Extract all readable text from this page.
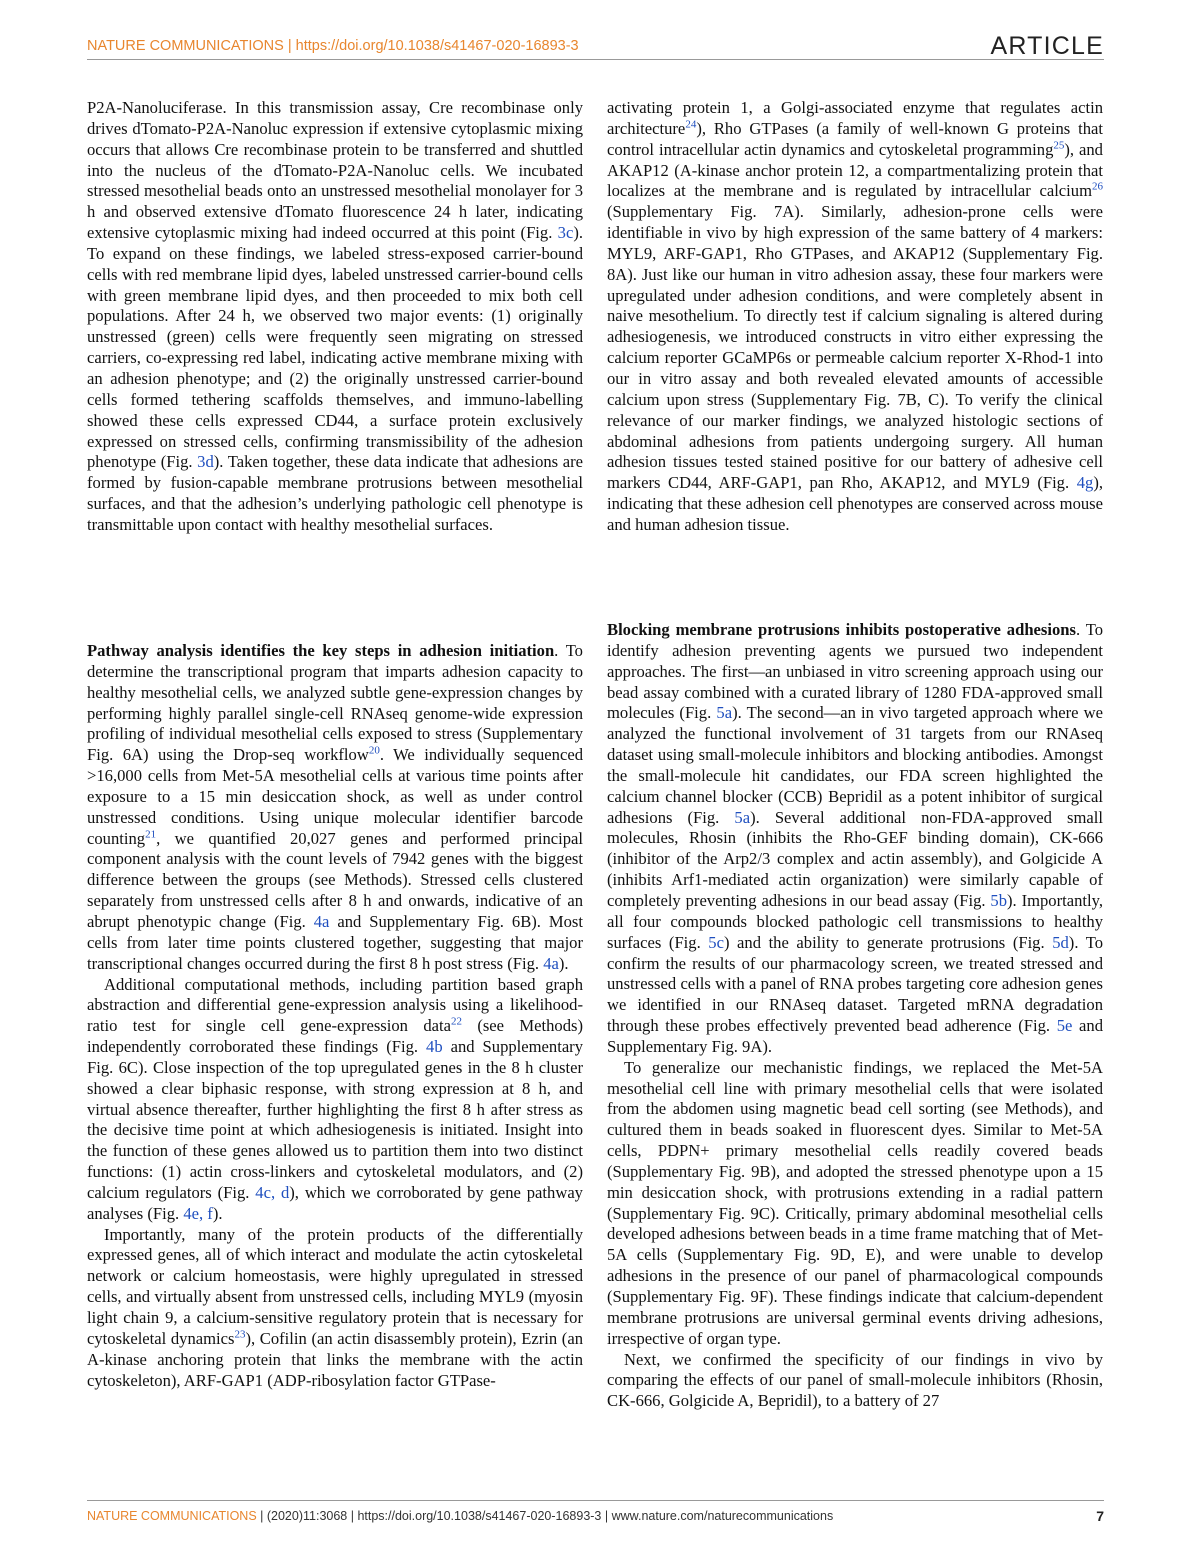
NATURE COMMUNICATIONS | https://doi.org/10.1038/s41467-020-16893-3	ARTICLE

P2A-Nanoluciferase. In this transmission assay, Cre recombinase only drives dTomato-P2A-Nanoluc expression if extensive cytoplasmic mixing occurs that allows Cre recombinase protein to be transferred and shuttled into the nucleus of the dTomato-P2A-Nanoluc cells. We incubated stressed mesothelial beads onto an unstressed mesothelial monolayer for 3 h and observed extensive dTomato fluorescence 24 h later, indicating extensive cytoplasmic mixing had indeed occurred at this point (Fig. 3c). To expand on these findings, we labeled stress-exposed carrier-bound cells with red membrane lipid dyes, labeled unstressed carrier-bound cells with green membrane lipid dyes, and then proceeded to mix both cell populations. After 24 h, we observed two major events: (1) originally unstressed (green) cells were frequently seen migrating on stressed carriers, co-expressing red label, indicating active membrane mixing with an adhesion phenotype; and (2) the originally unstressed carrier-bound cells formed tethering scaffolds themselves, and immuno-labelling showed these cells expressed CD44, a surface protein exclusively expressed on stressed cells, confirming transmissibility of the adhesion phenotype (Fig. 3d). Taken together, these data indicate that adhesions are formed by fusion-capable membrane protrusions between mesothelial surfaces, and that the adhesion’s underlying pathologic cell phenotype is transmittable upon contact with healthy mesothelial surfaces.

Pathway analysis identifies the key steps in adhesion initiation. To determine the transcriptional program that imparts adhesion capacity to healthy mesothelial cells, we analyzed subtle gene-expression changes by performing highly parallel single-cell RNAseq genome-wide expression profiling of individual mesothelial cells exposed to stress (Supplementary Fig. 6A) using the Drop-seq workflow$^{20}$. We individually sequenced >16,000 cells from Met-5A mesothelial cells at various time points after exposure to a 15 min desiccation shock, as well as under control unstressed conditions. Using unique molecular identifier barcode counting$^{21}$, we quantified 20,027 genes and performed principal component analysis with the count levels of 7942 genes with the biggest difference between the groups (see Methods). Stressed cells clustered separately from unstressed cells after 8 h and onwards, indicative of an abrupt phenotypic change (Fig. 4a and Supplementary Fig. 6B). Most cells from later time points clustered together, suggesting that major transcriptional changes occurred during the first 8 h post stress (Fig. 4a).

Additional computational methods, including partition based graph abstraction and differential gene-expression analysis using a likelihood-ratio test for single cell gene-expression data$^{22}$ (see Methods) independently corroborated these findings (Fig. 4b and Supplementary Fig. 6C). Close inspection of the top upregulated genes in the 8 h cluster showed a clear biphasic response, with strong expression at 8 h, and virtual absence thereafter, further highlighting the first 8 h after stress as the decisive time point at which adhesiogenesis is initiated. Insight into the function of these genes allowed us to partition them into two distinct functions: (1) actin cross-linkers and cytoskeletal modulators, and (2) calcium regulators (Fig. 4c, d), which we corroborated by gene pathway analyses (Fig. 4e, f).

Importantly, many of the protein products of the differentially expressed genes, all of which interact and modulate the actin cytoskeletal network or calcium homeostasis, were highly upregulated in stressed cells, and virtually absent from unstressed cells, including MYL9 (myosin light chain 9, a calcium-sensitive regulatory protein that is necessary for cytoskeletal dynamics$^{23}$), Cofilin (an actin disassembly protein), Ezrin (an A-kinase anchoring protein that links the membrane with the actin cytoskeleton), ARF-GAP1 (ADP-ribosylation factor GTPase-

activating protein 1, a Golgi-associated enzyme that regulates actin architecture$^{24}$), Rho GTPases (a family of well-known G proteins that control intracellular actin dynamics and cytoskeletal programming$^{25}$), and AKAP12 (A-kinase anchor protein 12, a compartmentalizing protein that localizes at the membrane and is regulated by intracellular calcium$^{26}$ (Supplementary Fig. 7A). Similarly, adhesion-prone cells were identifiable in vivo by high expression of the same battery of 4 markers: MYL9, ARF-GAP1, Rho GTPases, and AKAP12 (Supplementary Fig. 8A). Just like our human in vitro adhesion assay, these four markers were upregulated under adhesion conditions, and were completely absent in naive mesothelium. To directly test if calcium signaling is altered during adhesiogenesis, we introduced constructs in vitro either expressing the calcium reporter GCaMP6s or permeable calcium reporter X-Rhod-1 into our in vitro assay and both revealed elevated amounts of accessible calcium upon stress (Supplementary Fig. 7B, C). To verify the clinical relevance of our marker findings, we analyzed histologic sections of abdominal adhesions from patients undergoing surgery. All human adhesion tissues tested stained positive for our battery of adhesive cell markers CD44, ARF-GAP1, pan Rho, AKAP12, and MYL9 (Fig. 4g), indicating that these adhesion cell phenotypes are conserved across mouse and human adhesion tissue.

Blocking membrane protrusions inhibits postoperative adhesions. To identify adhesion preventing agents we pursued two independent approaches. The first—an unbiased in vitro screening approach using our bead assay combined with a curated library of 1280 FDA-approved small molecules (Fig. 5a). The second—an in vivo targeted approach where we analyzed the functional involvement of 31 targets from our RNAseq dataset using small-molecule inhibitors and blocking antibodies. Amongst the small-molecule hit candidates, our FDA screen highlighted the calcium channel blocker (CCB) Bepridil as a potent inhibitor of surgical adhesions (Fig. 5a). Several additional non-FDA-approved small molecules, Rhosin (inhibits the Rho-GEF binding domain), CK-666 (inhibitor of the Arp2/3 complex and actin assembly), and Golgicide A (inhibits Arf1-mediated actin organization) were similarly capable of completely preventing adhesions in our bead assay (Fig. 5b). Importantly, all four compounds blocked pathologic cell transmissions to healthy surfaces (Fig. 5c) and the ability to generate protrusions (Fig. 5d). To confirm the results of our pharmacology screen, we treated stressed and unstressed cells with a panel of RNA probes targeting core adhesion genes we identified in our RNAseq dataset. Targeted mRNA degradation through these probes effectively prevented bead adherence (Fig. 5e and Supplementary Fig. 9A).

To generalize our mechanistic findings, we replaced the Met-5A mesothelial cell line with primary mesothelial cells that were isolated from the abdomen using magnetic bead cell sorting (see Methods), and cultured them in beads soaked in fluorescent dyes. Similar to Met-5A cells, PDPN+ primary mesothelial cells readily covered beads (Supplementary Fig. 9B), and adopted the stressed phenotype upon a 15 min desiccation shock, with protrusions extending in a radial pattern (Supplementary Fig. 9C). Critically, primary abdominal mesothelial cells developed adhesions between beads in a time frame matching that of Met-5A cells (Supplementary Fig. 9D, E), and were unable to develop adhesions in the presence of our panel of pharmacological compounds (Supplementary Fig. 9F). These findings indicate that calcium-dependent membrane protrusions are universal germinal events driving adhesions, irrespective of organ type.

Next, we confirmed the specificity of our findings in vivo by comparing the effects of our panel of small-molecule inhibitors (Rhosin, CK-666, Golgicide A, Bepridil), to a battery of 27

NATURE COMMUNICATIONS | (2020)11:3068 | https://doi.org/10.1038/s41467-020-16893-3 | www.nature.com/naturecommunications	7
